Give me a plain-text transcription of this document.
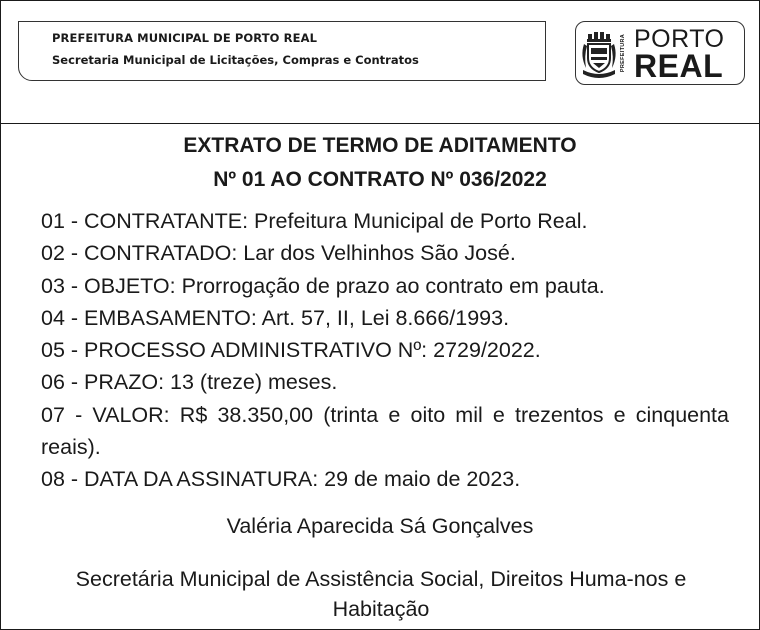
PREFEITURA MUNICIPAL DE PORTO REAL
Secretaria Municipal de Licitações, Compras e Contratos	PREFEITURA PORTO
REAL
EXTRATO DE TERMO DE ADITAMENTO
Nº 01 AO CONTRATO Nº 036/2022
01 - CONTRATANTE: Prefeitura Municipal de Porto Real.
02 - CONTRATADO: Lar dos Velhinhos São José.
03 - OBJETO: Prorrogação de prazo ao contrato em pauta.
04 - EMBASAMENTO: Art. 57, II, Lei 8.666/1993.
05 - PROCESSO ADMINISTRATIVO Nº: 2729/2022.
06 - PRAZO: 13 (treze) meses.
07 - VALOR: R$ 38.350,00 (trinta e oito mil e trezentos e cinquenta reais).
08 - DATA DA ASSINATURA: 29 de maio de 2023.
Valéria Aparecida Sá Gonçalves
Secretária Municipal de Assistência Social, Direitos Huma-nos e Habitação
